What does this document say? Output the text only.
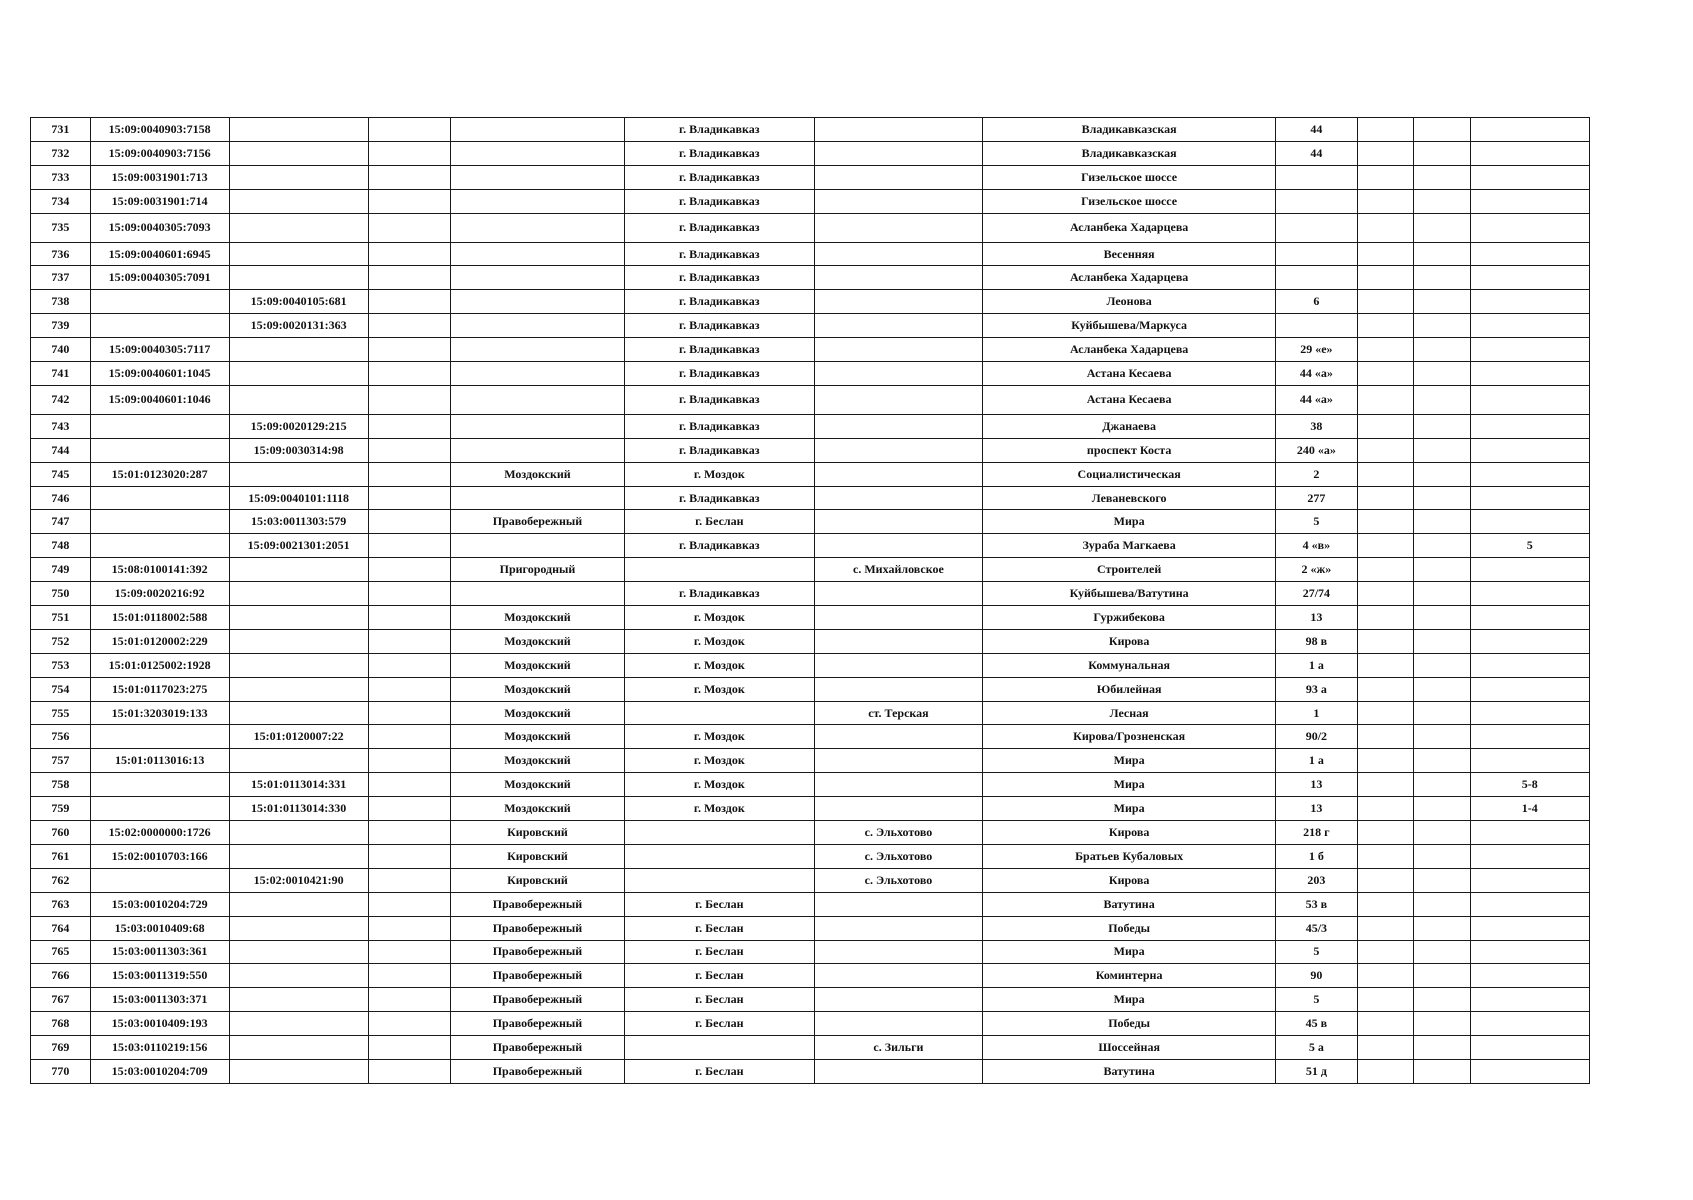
731	15:09:0040903:7158				г. Владикавказ		Владикавказская	44			
732	15:09:0040903:7156				г. Владикавказ		Владикавказская	44			
733	15:09:0031901:713				г. Владикавказ		Гизельское шоссе				
734	15:09:0031901:714				г. Владикавказ		Гизельское шоссе				
735	15:09:0040305:7093				г. Владикавказ		Асланбека Хадарцева				
736	15:09:0040601:6945				г. Владикавказ		Весенняя				
737	15:09:0040305:7091				г. Владикавказ		Асланбека Хадарцева				
738		15:09:0040105:681			г. Владикавказ		Леонова	6			
739		15:09:0020131:363			г. Владикавказ		Куйбышева/Маркуса				
740	15:09:0040305:7117				г. Владикавказ		Асланбека Хадарцева	29 «е»			
741	15:09:0040601:1045				г. Владикавказ		Астана Кесаева	44 «а»			
742	15:09:0040601:1046				г. Владикавказ		Астана Кесаева	44 «а»			
743		15:09:0020129:215			г. Владикавказ		Джанаева	38			
744		15:09:0030314:98			г. Владикавказ		проспект Коста	240 «а»			
745	15:01:0123020:287			Моздокский	г. Моздок		Социалистическая	2			
746		15:09:0040101:1118			г. Владикавказ		Леваневского	277			
747		15:03:0011303:579		Правобережный	г. Беслан		Мира	5			
748		15:09:0021301:2051			г. Владикавказ		Зураба Магкаева	4 «в»			5
749	15:08:0100141:392			Пригородный		с. Михайловское	Строителей	2 «ж»			
750	15:09:0020216:92				г. Владикавказ		Куйбышева/Ватутина	27/74			
751	15:01:0118002:588			Моздокский	г. Моздок		Гуржибекова	13			
752	15:01:0120002:229			Моздокский	г. Моздок		Кирова	98 в			
753	15:01:0125002:1928			Моздокский	г. Моздок		Коммунальная	1 а			
754	15:01:0117023:275			Моздокский	г. Моздок		Юбилейная	93 а			
755	15:01:3203019:133			Моздокский		ст. Терская	Лесная	1			
756		15:01:0120007:22		Моздокский	г. Моздок		Кирова/Грозненская	90/2			
757	15:01:0113016:13			Моздокский	г. Моздок		Мира	1 а			
758		15:01:0113014:331		Моздокский	г. Моздок		Мира	13			5-8
759		15:01:0113014:330		Моздокский	г. Моздок		Мира	13			1-4
760	15:02:0000000:1726			Кировский		с. Эльхотово	Кирова	218 г			
761	15:02:0010703:166			Кировский		с. Эльхотово	Братьев Кубаловых	1 б			
762		15:02:0010421:90		Кировский		с. Эльхотово	Кирова	203			
763	15:03:0010204:729			Правобережный	г. Беслан		Ватутина	53 в			
764	15:03:0010409:68			Правобережный	г. Беслан		Победы	45/3			
765	15:03:0011303:361			Правобережный	г. Беслан		Мира	5			
766	15:03:0011319:550			Правобережный	г. Беслан		Коминтерна	90			
767	15:03:0011303:371			Правобережный	г. Беслан		Мира	5			
768	15:03:0010409:193			Правобережный	г. Беслан		Победы	45 в			
769	15:03:0110219:156			Правобережный		с. Зильги	Шоссейная	5 а			
770	15:03:0010204:709			Правобережный	г. Беслан		Ватутина	51 д			
